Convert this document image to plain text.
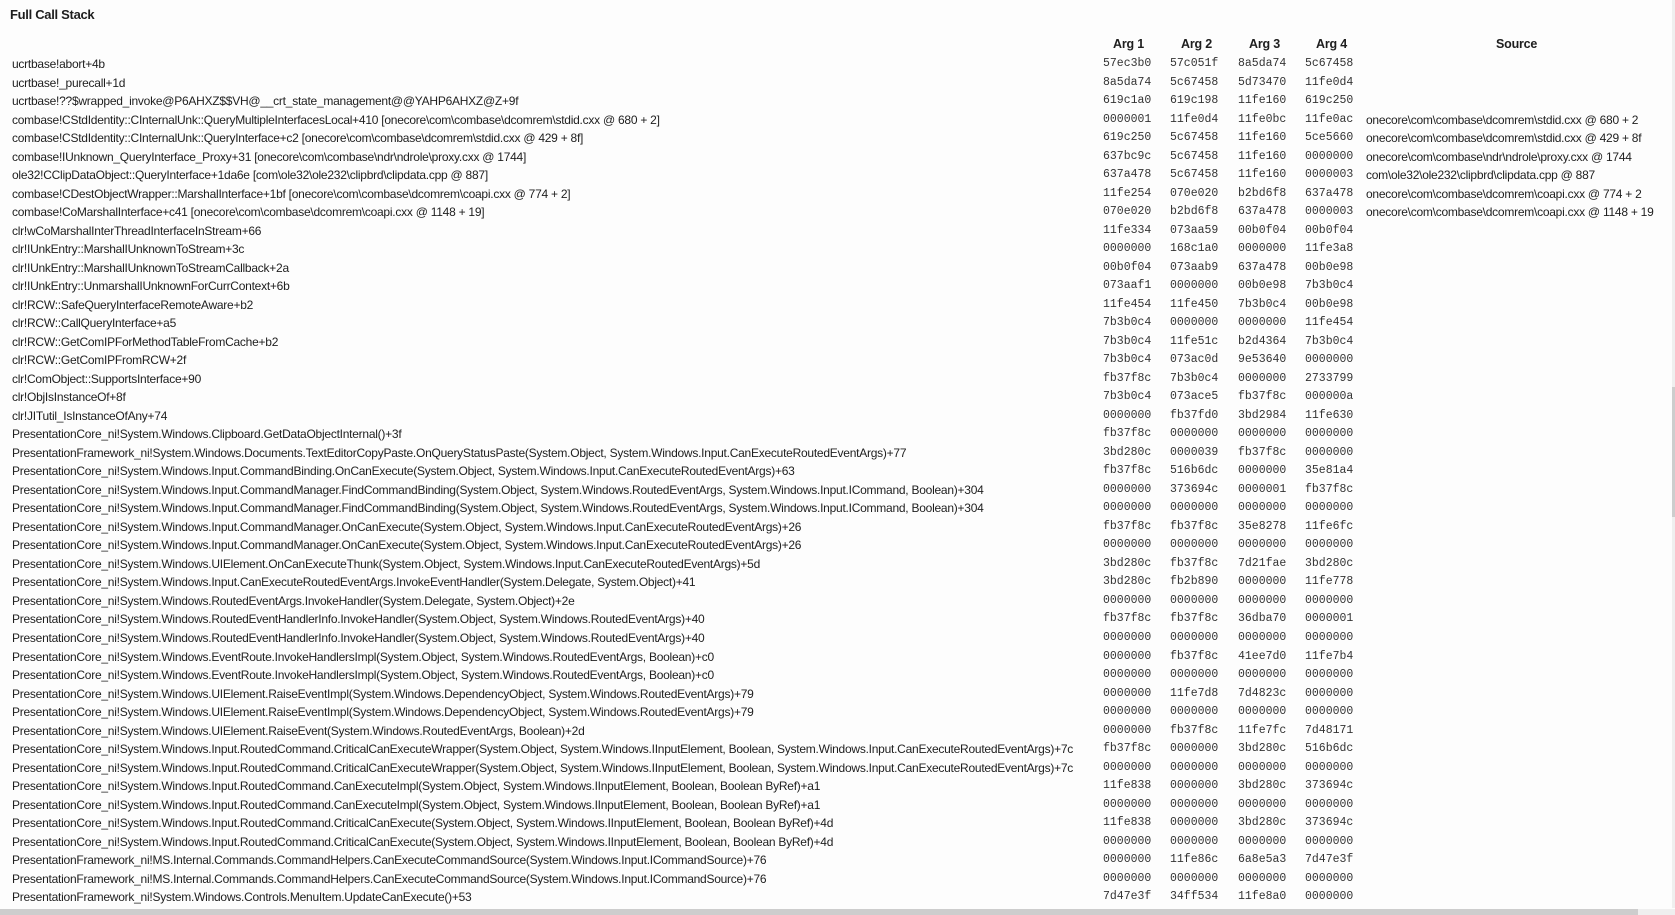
Full Call Stack
Arg 1	Arg 2	Arg 3	Arg 4	Source
ucrtbase!abort+4b	57ec3b0 57c051f 8a5da74 5c67458
ucrtbase!_purecall+1d	8a5da74 5c67458 5d73470 11fe0d4
ucrtbase!??$wrapped_invoke@P6AHXZ$$VH@__crt_state_management@@YAHP6AHXZ@Z+9f	619c1a0 619c198 11fe160 619c250
combase!CStdIdentity::CInternalUnk::QueryMultipleInterfacesLocal+410 [onecore\com\combase\dcomrem\stdid.cxx @ 680 + 2]	0000001 11fe0d4 11fe0bc 11fe0ac onecore\com\combase\dcomrem\stdid.cxx @ 680 + 2
combase!CStdIdentity::CInternalUnk::QueryInterface+c2 [onecore\com\combase\dcomrem\stdid.cxx @ 429 + 8f]	619c250 5c67458 11fe160 5ce5660 onecore\com\combase\dcomrem\stdid.cxx @ 429 + 8f
combase!IUnknown_QueryInterface_Proxy+31 [onecore\com\combase\ndr\ndrole\proxy.cxx @ 1744]	637bc9c 5c67458 11fe160 0000000 onecore\com\combase\ndr\ndrole\proxy.cxx @ 1744
ole32!CClipDataObject::QueryInterface+1da6e [com\ole32\ole232\clipbrd\clipdata.cpp @ 887]	637a478 5c67458 11fe160 0000003 com\ole32\ole232\clipbrd\clipdata.cpp @ 887
combase!CDestObjectWrapper::MarshalInterface+1bf [onecore\com\combase\dcomrem\coapi.cxx @ 774 + 2]	11fe254 070e020 b2bd6f8 637a478 onecore\com\combase\dcomrem\coapi.cxx @ 774 + 2
combase!CoMarshalInterface+c41 [onecore\com\combase\dcomrem\coapi.cxx @ 1148 + 19]	070e020 b2bd6f8 637a478 0000003 onecore\com\combase\dcomrem\coapi.cxx @ 1148 + 19
clr!wCoMarshalInterThreadInterfaceInStream+66	11fe334 073aa59 00b0f04 00b0f04
clr!IUnkEntry::MarshalIUnknownToStream+3c	0000000 168c1a0 0000000 11fe3a8
clr!IUnkEntry::MarshalIUnknownToStreamCallback+2a	00b0f04 073aab9 637a478 00b0e98
clr!IUnkEntry::UnmarshalIUnknownForCurrContext+6b	073aaf1 0000000 00b0e98 7b3b0c4
clr!RCW::SafeQueryInterfaceRemoteAware+b2	11fe454 11fe450 7b3b0c4 00b0e98
clr!RCW::CallQueryInterface+a5	7b3b0c4 0000000 0000000 11fe454
clr!RCW::GetComIPForMethodTableFromCache+b2	7b3b0c4 11fe51c b2d4364 7b3b0c4
clr!RCW::GetComIPFromRCW+2f	7b3b0c4 073ac0d 9e53640 0000000
clr!ComObject::SupportsInterface+90	fb37f8c 7b3b0c4 0000000 2733799
clr!ObjIsInstanceOf+8f	7b3b0c4 073ace5 fb37f8c 000000a
clr!JITutil_IsInstanceOfAny+74	0000000 fb37fd0 3bd2984 11fe630
PresentationCore_ni!System.Windows.Clipboard.GetDataObjectInternal()+3f	fb37f8c 0000000 0000000 0000000
PresentationFramework_ni!System.Windows.Documents.TextEditorCopyPaste.OnQueryStatusPaste(System.Object, System.Windows.Input.CanExecuteRoutedEventArgs)+77	3bd280c 0000039 fb37f8c 0000000
PresentationCore_ni!System.Windows.Input.CommandBinding.OnCanExecute(System.Object, System.Windows.Input.CanExecuteRoutedEventArgs)+63	fb37f8c 516b6dc 0000000 35e81a4
PresentationCore_ni!System.Windows.Input.CommandManager.FindCommandBinding(System.Object, System.Windows.RoutedEventArgs, System.Windows.Input.ICommand, Boolean)+304	0000000 373694c 0000001 fb37f8c
PresentationCore_ni!System.Windows.Input.CommandManager.FindCommandBinding(System.Object, System.Windows.RoutedEventArgs, System.Windows.Input.ICommand, Boolean)+304	0000000 0000000 0000000 0000000
PresentationCore_ni!System.Windows.Input.CommandManager.OnCanExecute(System.Object, System.Windows.Input.CanExecuteRoutedEventArgs)+26	fb37f8c fb37f8c 35e8278 11fe6fc
PresentationCore_ni!System.Windows.Input.CommandManager.OnCanExecute(System.Object, System.Windows.Input.CanExecuteRoutedEventArgs)+26	0000000 0000000 0000000 0000000
PresentationCore_ni!System.Windows.UIElement.OnCanExecuteThunk(System.Object, System.Windows.Input.CanExecuteRoutedEventArgs)+5d	3bd280c fb37f8c 7d21fae 3bd280c
PresentationCore_ni!System.Windows.Input.CanExecuteRoutedEventArgs.InvokeEventHandler(System.Delegate, System.Object)+41	3bd280c fb2b890 0000000 11fe778
PresentationCore_ni!System.Windows.RoutedEventArgs.InvokeHandler(System.Delegate, System.Object)+2e	0000000 0000000 0000000 0000000
PresentationCore_ni!System.Windows.RoutedEventHandlerInfo.InvokeHandler(System.Object, System.Windows.RoutedEventArgs)+40	fb37f8c fb37f8c 36dba70 0000001
PresentationCore_ni!System.Windows.RoutedEventHandlerInfo.InvokeHandler(System.Object, System.Windows.RoutedEventArgs)+40	0000000 0000000 0000000 0000000
PresentationCore_ni!System.Windows.EventRoute.InvokeHandlersImpl(System.Object, System.Windows.RoutedEventArgs, Boolean)+c0	0000000 fb37f8c 41ee7d0 11fe7b4
PresentationCore_ni!System.Windows.EventRoute.InvokeHandlersImpl(System.Object, System.Windows.RoutedEventArgs, Boolean)+c0	0000000 0000000 0000000 0000000
PresentationCore_ni!System.Windows.UIElement.RaiseEventImpl(System.Windows.DependencyObject, System.Windows.RoutedEventArgs)+79	0000000 11fe7d8 7d4823c 0000000
PresentationCore_ni!System.Windows.UIElement.RaiseEventImpl(System.Windows.DependencyObject, System.Windows.RoutedEventArgs)+79	0000000 0000000 0000000 0000000
PresentationCore_ni!System.Windows.UIElement.RaiseEvent(System.Windows.RoutedEventArgs, Boolean)+2d	0000000 fb37f8c 11fe7fc 7d48171
PresentationCore_ni!System.Windows.Input.RoutedCommand.CriticalCanExecuteWrapper(System.Object, System.Windows.IInputElement, Boolean, System.Windows.Input.CanExecuteRoutedEventArgs)+7c	fb37f8c 0000000 3bd280c 516b6dc
PresentationCore_ni!System.Windows.Input.RoutedCommand.CriticalCanExecuteWrapper(System.Object, System.Windows.IInputElement, Boolean, System.Windows.Input.CanExecuteRoutedEventArgs)+7c	0000000 0000000 0000000 0000000
PresentationCore_ni!System.Windows.Input.RoutedCommand.CanExecuteImpl(System.Object, System.Windows.IInputElement, Boolean, Boolean ByRef)+a1	11fe838 0000000 3bd280c 373694c
PresentationCore_ni!System.Windows.Input.RoutedCommand.CanExecuteImpl(System.Object, System.Windows.IInputElement, Boolean, Boolean ByRef)+a1	0000000 0000000 0000000 0000000
PresentationCore_ni!System.Windows.Input.RoutedCommand.CriticalCanExecute(System.Object, System.Windows.IInputElement, Boolean, Boolean ByRef)+4d	11fe838 0000000 3bd280c 373694c
PresentationCore_ni!System.Windows.Input.RoutedCommand.CriticalCanExecute(System.Object, System.Windows.IInputElement, Boolean, Boolean ByRef)+4d	0000000 0000000 0000000 0000000
PresentationFramework_ni!MS.Internal.Commands.CommandHelpers.CanExecuteCommandSource(System.Windows.Input.ICommandSource)+76	0000000 11fe86c 6a8e5a3 7d47e3f
PresentationFramework_ni!MS.Internal.Commands.CommandHelpers.CanExecuteCommandSource(System.Windows.Input.ICommandSource)+76	0000000 0000000 0000000 0000000
PresentationFramework_ni!System.Windows.Controls.MenuItem.UpdateCanExecute()+53	7d47e3f 34ff534 11fe8a0 0000000
